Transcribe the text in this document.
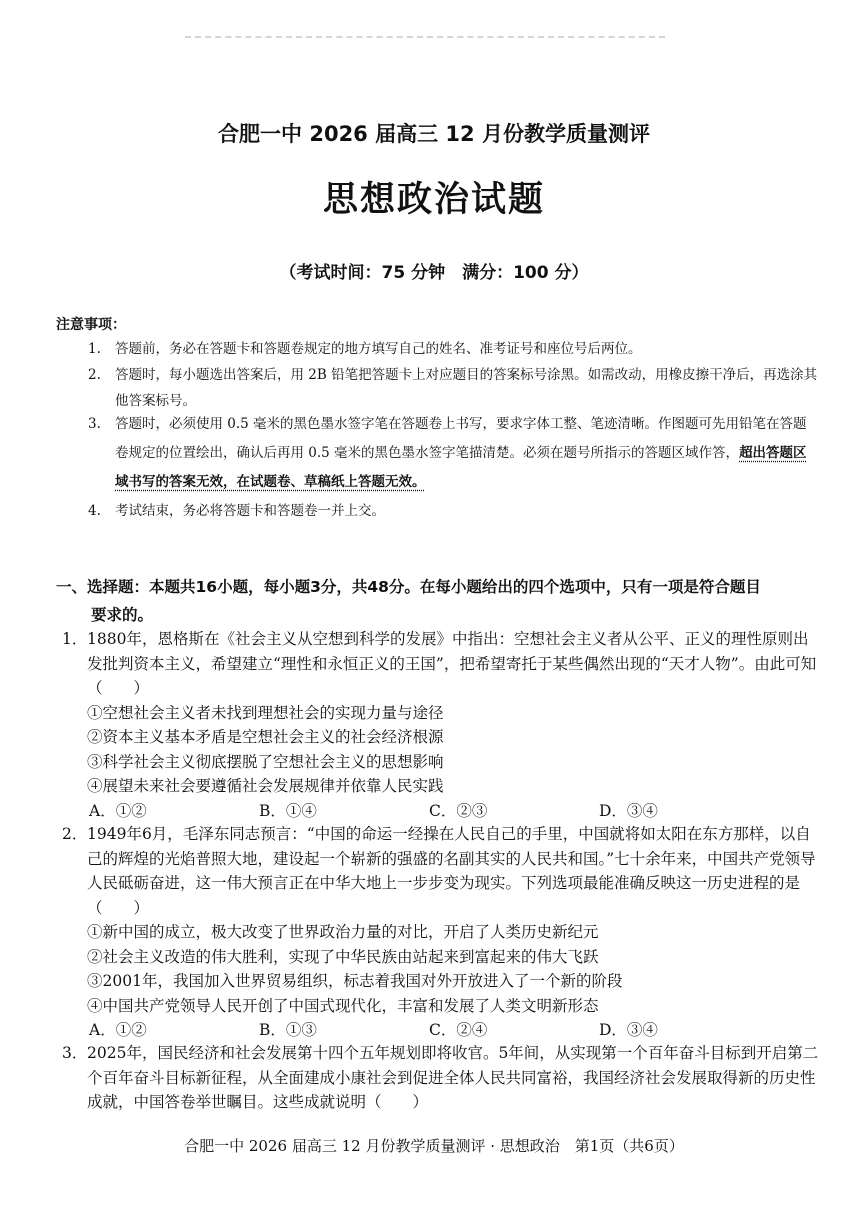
合肥一中 2026 届高三 12 月份教学质量测评
思想政治试题
（考试时间：75 分钟　满分：100 分）
注意事项：
1. 答题前，务必在答题卡和答题卷规定的地方填写自己的姓名、准考证号和座位号后两位。
2. 答题时，每小题选出答案后，用 2B 铅笔把答题卡上对应题目的答案标号涂黑。如需改动，用橡皮擦干净后，再选涂其他答案标号。
3. 答题时，必须使用 0.5 毫米的黑色墨水签字笔在答题卷上书写，要求字体工整、笔迹清晰。作图题可先用铅笔在答题卷规定的位置绘出，确认后再用 0.5 毫米的黑色墨水签字笔描清楚。必须在题号所指示的答题区域作答，超出答题区域书写的答案无效，在试题卷、草稿纸上答题无效。
4. 考试结束，务必将答题卡和答题卷一并上交。
一、选择题：本题共16小题，每小题3分，共48分。在每小题给出的四个选项中，只有一项是符合题目
要求的。
1． 1880年，恩格斯在《社会主义从空想到科学的发展》中指出：空想社会主义者从公平、正义的理性原则出发批判资本主义，希望建立“理性和永恒正义的王国”，把希望寄托于某些偶然出现的“天才人物”。由此可知（　　）
①空想社会主义者未找到理想社会的实现力量与途径
②资本主义基本矛盾是空想社会主义的社会经济根源
③科学社会主义彻底摆脱了空想社会主义的思想影响
④展望未来社会要遵循社会发展规律并依靠人民实践
A．①②	B．①④	C．②③	D．③④
2． 1949年6月，毛泽东同志预言：“中国的命运一经操在人民自己的手里，中国就将如太阳在东方那样，以自己的辉煌的光焰普照大地，建设起一个崭新的强盛的名副其实的人民共和国。”七十余年来，中国共产党领导人民砥砺奋进，这一伟大预言正在中华大地上一步步变为现实。下列选项最能准确反映这一历史进程的是（　　）
①新中国的成立，极大改变了世界政治力量的对比，开启了人类历史新纪元
②社会主义改造的伟大胜利，实现了中华民族由站起来到富起来的伟大飞跃
③2001年，我国加入世界贸易组织，标志着我国对外开放进入了一个新的阶段
④中国共产党领导人民开创了中国式现代化，丰富和发展了人类文明新形态
A．①②	B．①③	C．②④	D．③④
3． 2025年，国民经济和社会发展第十四个五年规划即将收官。5年间，从实现第一个百年奋斗目标到开启第二个百年奋斗目标新征程，从全面建成小康社会到促进全体人民共同富裕，我国经济社会发展取得新的历史性成就，中国答卷举世瞩目。这些成就说明（　　）
合肥一中 2026 届高三 12 月份教学质量测评 · 思想政治　第1页（共6页）
